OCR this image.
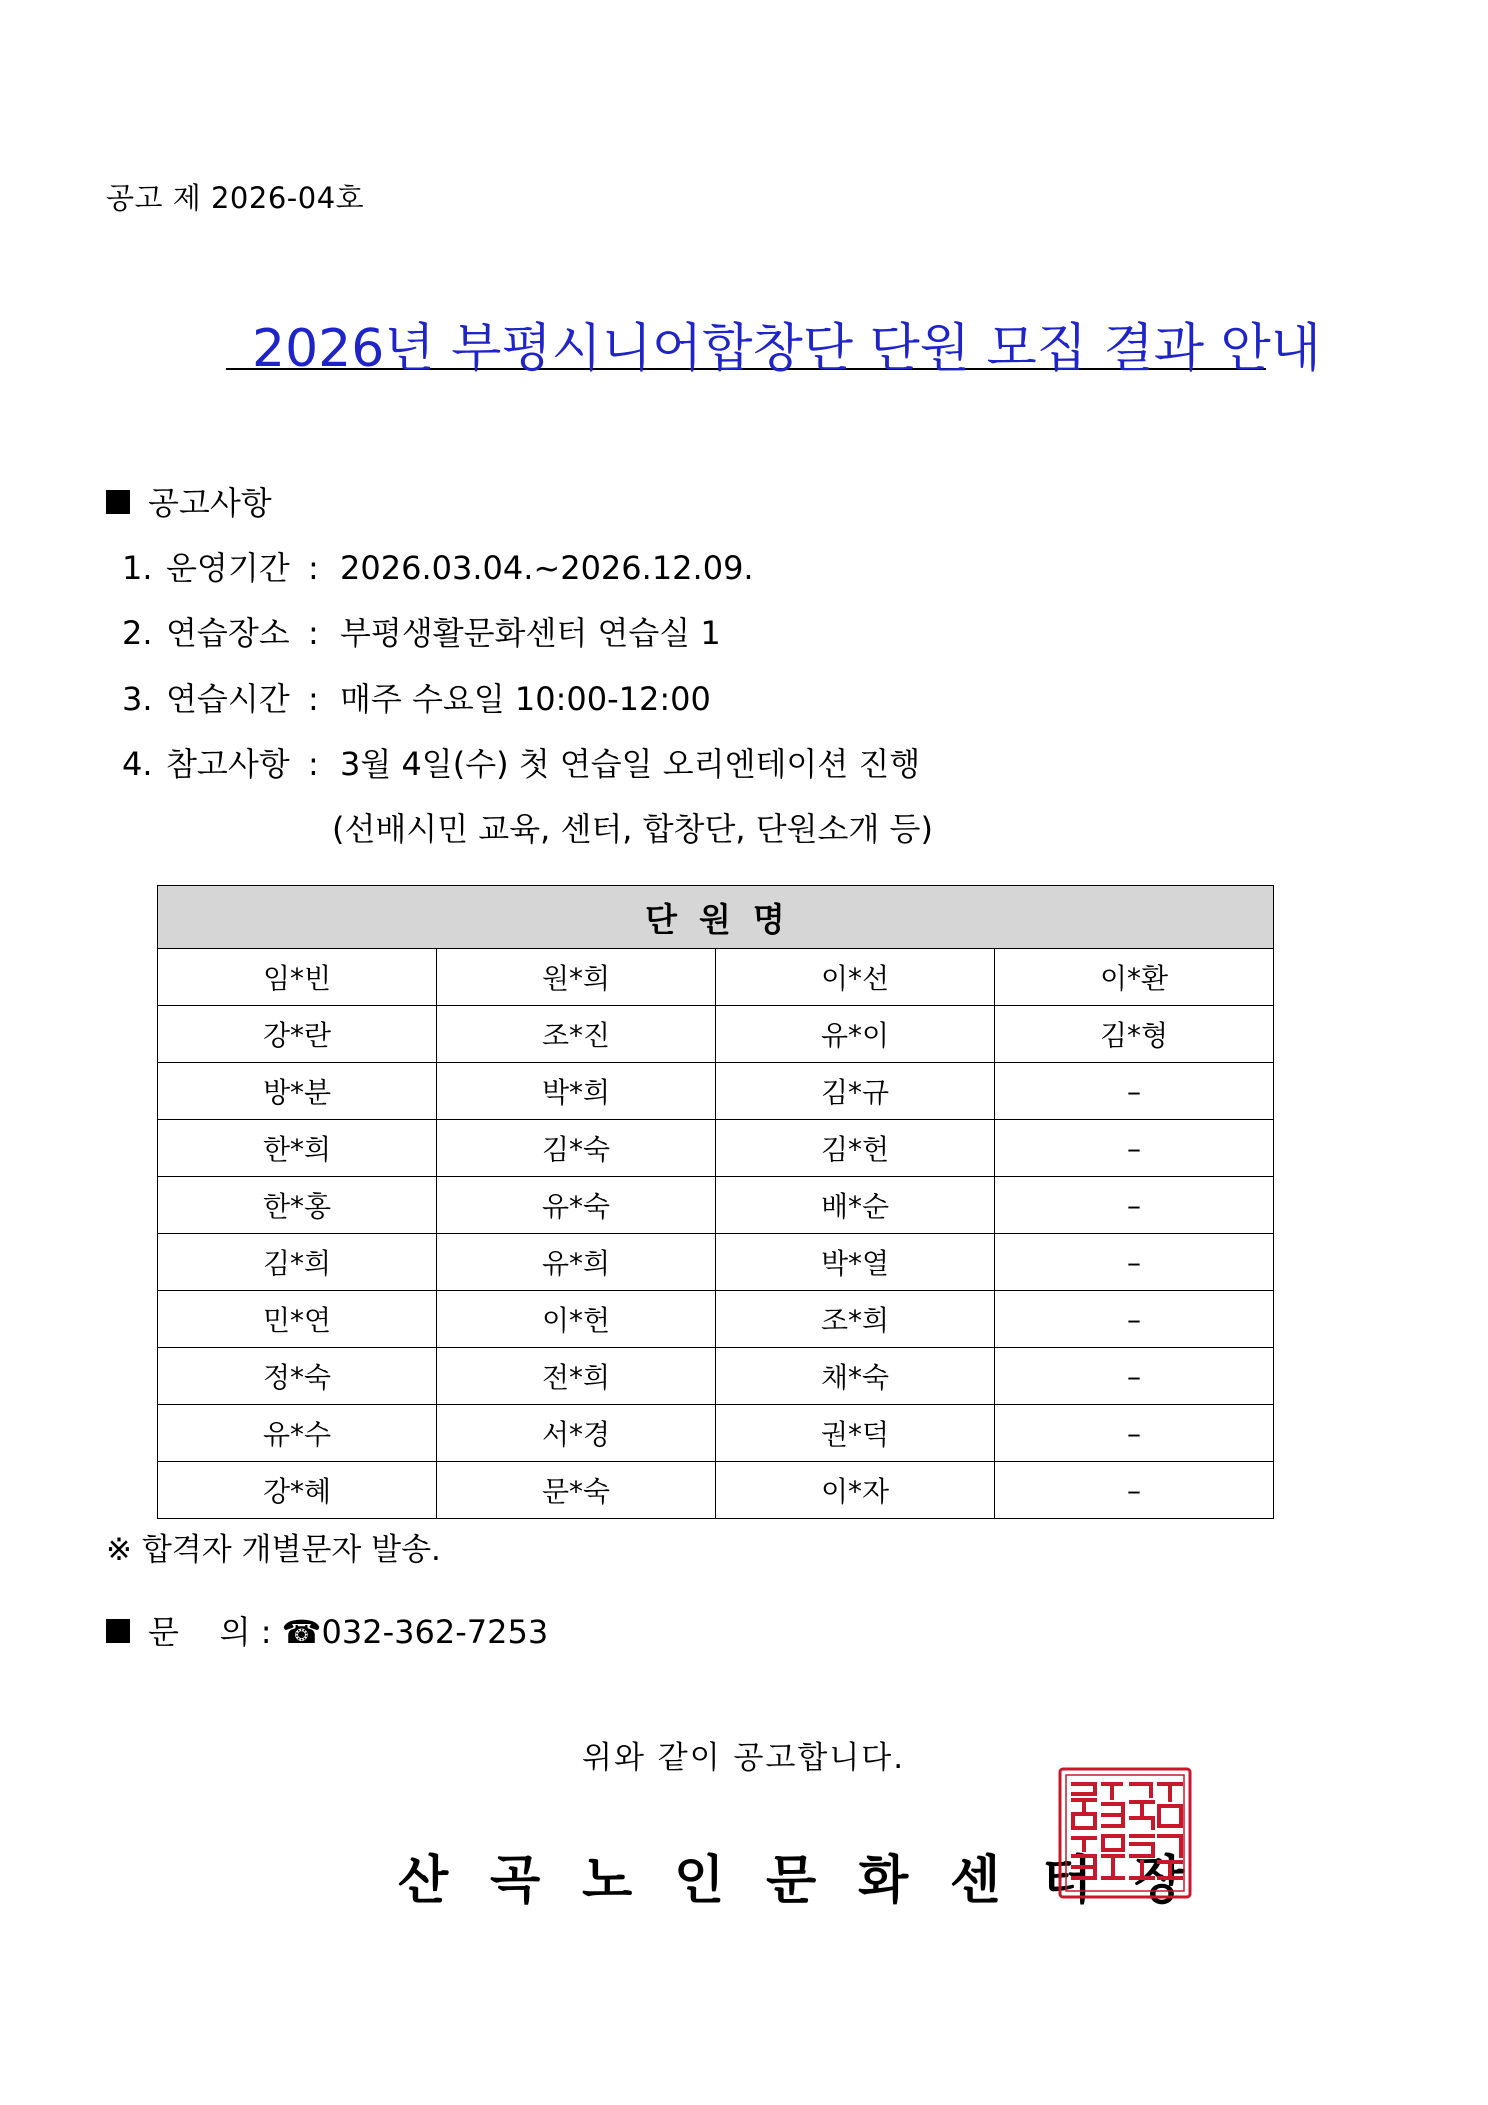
공고 제 2026-04호
2026년 부평시니어합창단 단원 모집 결과 안내
공고사항
1. 운영기간 : 2026.03.04.~2026.12.09.
2. 연습장소 : 부평생활문화센터 연습실 1
3. 연습시간 : 매주 수요일 10:00-12:00
4. 참고사항 : 3월 4일(수) 첫 연습일 오리엔테이션 진행
(선배시민 교육, 센터, 합창단, 단원소개 등)
단원명			
임*빈	원*희	이*선	이*환
강*란	조*진	유*이	김*형
방*분	박*희	김*규	–
한*희	김*숙	김*헌	–
한*홍	유*숙	배*순	–
김*희	유*희	박*열	–
민*연	이*헌	조*희	–
정*숙	전*희	채*숙	–
유*수	서*경	권*덕	–
강*혜	문*숙	이*자	–
※ 합격자 개별문자 발송.
문    의 : ☎032-362-7253
위와 같이 공고합니다.
산 곡 노 인 문 화 센 터 장
